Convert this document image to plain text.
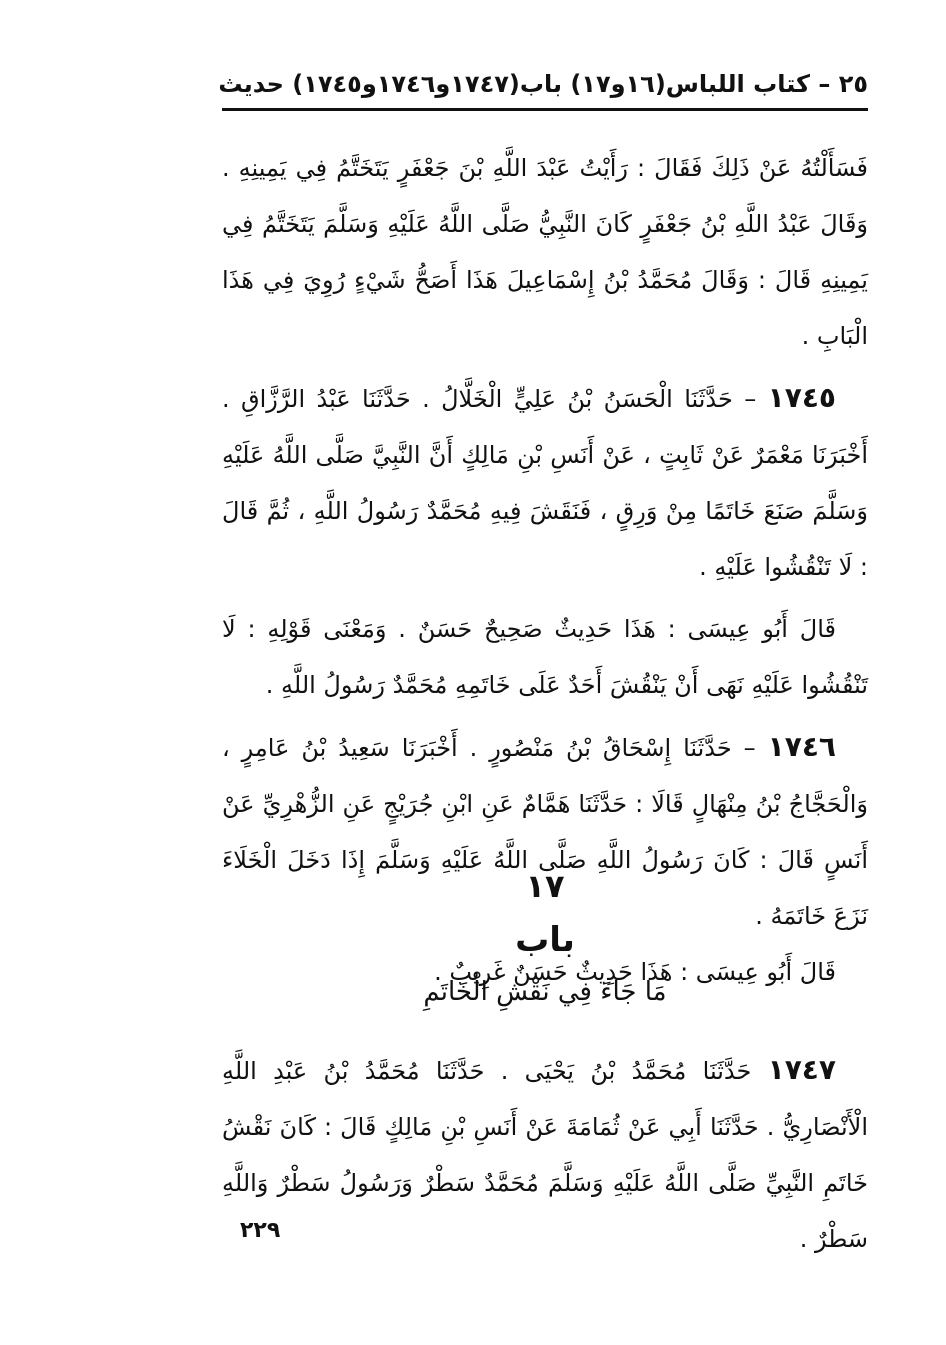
٢٥ – كتاب اللباس
(١٦و١٧) باب
(١٧٤٧و١٧٤٦و١٧٤٥) حديث

فَسَأَلْتُهُ عَنْ ذَلِكَ فَقَالَ : رَأَيْتُ عَبْدَ اللَّهِ بْنَ جَعْفَرٍ يَتَخَتَّمُ فِي يَمِينِهِ . وَقَالَ عَبْدُ اللَّهِ بْنُ جَعْفَرٍ كَانَ النَّبِيُّ صَلَّى اللَّهُ عَلَيْهِ وَسَلَّمَ يَتَخَتَّمُ فِي يَمِينِهِ قَالَ : وَقَالَ مُحَمَّدُ بْنُ إِسْمَاعِيلَ هَذَا أَصَحُّ شَيْءٍ رُوِيَ فِي هَذَا الْبَابِ .

١٧٤٥ – حَدَّثَنَا الْحَسَنُ بْنُ عَلِيٍّ الْخَلَّالُ . حَدَّثَنَا عَبْدُ الرَّزَّاقِ . أَخْبَرَنَا مَعْمَرٌ عَنْ ثَابِتٍ ، عَنْ أَنَسِ بْنِ مَالِكٍ أَنَّ النَّبِيَّ صَلَّى اللَّهُ عَلَيْهِ وَسَلَّمَ صَنَعَ خَاتَمًا مِنْ وَرِقٍ ، فَنَقَشَ فِيهِ مُحَمَّدٌ رَسُولُ اللَّهِ ، ثُمَّ قَالَ : لَا تَنْقُشُوا عَلَيْهِ .

قَالَ أَبُو عِيسَى : هَذَا حَدِيثٌ صَحِيحٌ حَسَنٌ . وَمَعْنَى قَوْلِهِ : لَا تَنْقُشُوا عَلَيْهِ نَهَى أَنْ يَنْقُشَ أَحَدٌ عَلَى خَاتَمِهِ مُحَمَّدٌ رَسُولُ اللَّهِ .

١٧٤٦ – حَدَّثَنَا إِسْحَاقُ بْنُ مَنْصُورٍ . أَخْبَرَنَا سَعِيدُ بْنُ عَامِرٍ ، وَالْحَجَّاجُ بْنُ مِنْهَالٍ قَالَا : حَدَّثَنَا هَمَّامٌ عَنِ ابْنِ جُرَيْجٍ عَنِ الزُّهْرِيِّ عَنْ أَنَسٍ قَالَ : كَانَ رَسُولُ اللَّهِ صَلَّى اللَّهُ عَلَيْهِ وَسَلَّمَ إِذَا دَخَلَ الْخَلَاءَ نَزَعَ خَاتَمَهُ .

قَالَ أَبُو عِيسَى : هَذَا حَدِيثٌ حَسَنٌ غَرِيبٌ .

١٧
باب
مَا جَاءَ فِي نَقْشِ الْخَاتَمِ

١٧٤٧ حَدَّثَنَا مُحَمَّدُ بْنُ يَحْيَى . حَدَّثَنَا مُحَمَّدُ بْنُ عَبْدِ اللَّهِ الْأَنْصَارِيُّ . حَدَّثَنَا أَبِي عَنْ ثُمَامَةَ عَنْ أَنَسِ بْنِ مَالِكٍ قَالَ : كَانَ نَقْشُ خَاتَمِ النَّبِيِّ صَلَّى اللَّهُ عَلَيْهِ وَسَلَّمَ مُحَمَّدٌ سَطْرٌ وَرَسُولُ سَطْرٌ وَاللَّهِ سَطْرٌ .

٢٢٩
